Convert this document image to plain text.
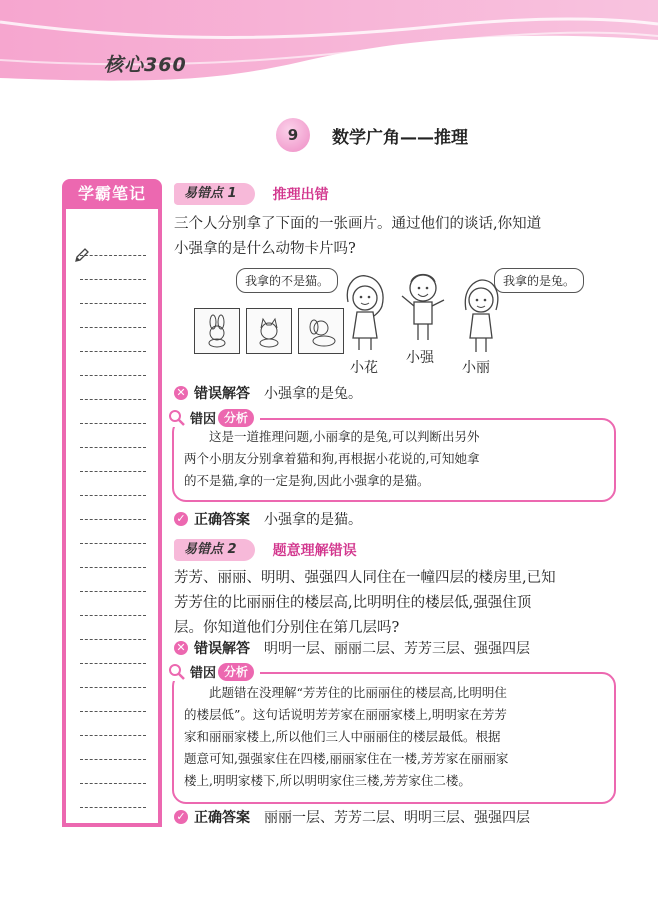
核心360
9	数学广角——推理
学霸笔记	易错点 1	推理出错
三个人分别拿了下面的一张画片。通过他们的谈话,你知道
小强拿的是什么动物卡片吗?
我拿的不是猫。	我拿的是兔。
小花
小强
小丽
✕ 错误解答 小强拿的是兔。
错因 分析
这是一道推理问题,小丽拿的是兔,可以判断出另外
两个小朋友分别拿着猫和狗,再根据小花说的,可知她拿
的不是猫,拿的一定是狗,因此小强拿的是猫。
✓ 正确答案 小强拿的是猫。
易错点 2	题意理解错误
芳芳、丽丽、明明、强强四人同住在一幢四层的楼房里,已知
芳芳住的比丽丽住的楼层高,比明明住的楼层低,强强住顶
层。你知道他们分别住在第几层吗?
✕ 错误解答 明明一层、丽丽二层、芳芳三层、强强四层
错因 分析
此题错在没理解“芳芳住的比丽丽住的楼层高,比明明住
的楼层低”。这句话说明芳芳家在丽丽家楼上,明明家在芳芳
家和丽丽家楼上,所以他们三人中丽丽住的楼层最低。根据
题意可知,强强家住在四楼,丽丽家住在一楼,芳芳家在丽丽家
楼上,明明家楼下,所以明明家住三楼,芳芳家住二楼。
✓ 正确答案 丽丽一层、芳芳二层、明明三层、强强四层
